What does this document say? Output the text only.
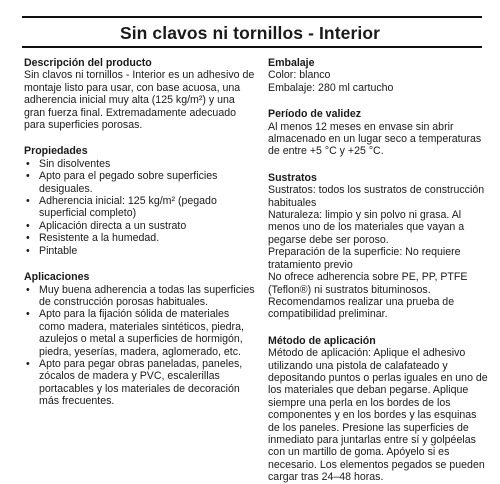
Sin clavos ni tornillos - Interior
Descripción del producto

Sin clavos ni tornillos - Interior es un adhesivo de montaje listo para usar, con base acuosa, una adherencia inicial muy alta (125 kg/m²) y una gran fuerza final. Extremadamente adecuado para superficies porosas.

Propiedades
• Sin disolventes
• Apto para el pegado sobre superficies desiguales.
• Adherencia inicial: 125 kg/m² (pegado superficial completo)
• Aplicación directa a un sustrato
• Resistente a la humedad.
• Pintable
Aplicaciones
• Muy buena adherencia a todas las superficies de construcción porosas habituales.
• Apto para la fijación sólida de materiales como madera, materiales sintéticos, piedra, azulejos o metal a superficies de hormigón, piedra, yeserías, madera, aglomerado, etc.
• Apto para pegar obras paneladas, paneles, zócalos de madera y PVC, escalerillas portacables y los materiales de decoración más frecuentes.
Embalaje

Color: blanco

Embalaje: 280 ml cartucho

Período de validez

Al menos 12 meses en envase sin abrir almacenado en un lugar seco a temperaturas de entre +5 °C y +25 °C.

Sustratos

Sustratos: todos los sustratos de construcción habituales

Naturaleza: limpio y sin polvo ni grasa. Al menos uno de los materiales que vayan a pegarse debe ser poroso.

Preparación de la superficie: No requiere tratamiento previo

No ofrece adherencia sobre PE, PP, PTFE (Teflon®) ni sustratos bituminosos. Recomendamos realizar una prueba de compatibilidad preliminar.

Método de aplicación

Método de aplicación: Aplique el adhesivo utilizando una pistola de calafateado y depositando puntos o perlas iguales en uno de los materiales que deban pegarse. Aplique siempre una perla en los bordes de los componentes y en los bordes y las esquinas de los paneles. Presione las superficies de inmediato para juntarlas entre sí y golpéelas con un martillo de goma. Apóyelo si es necesario. Los elementos pegados se pueden cargar tras 24–48 horas.
